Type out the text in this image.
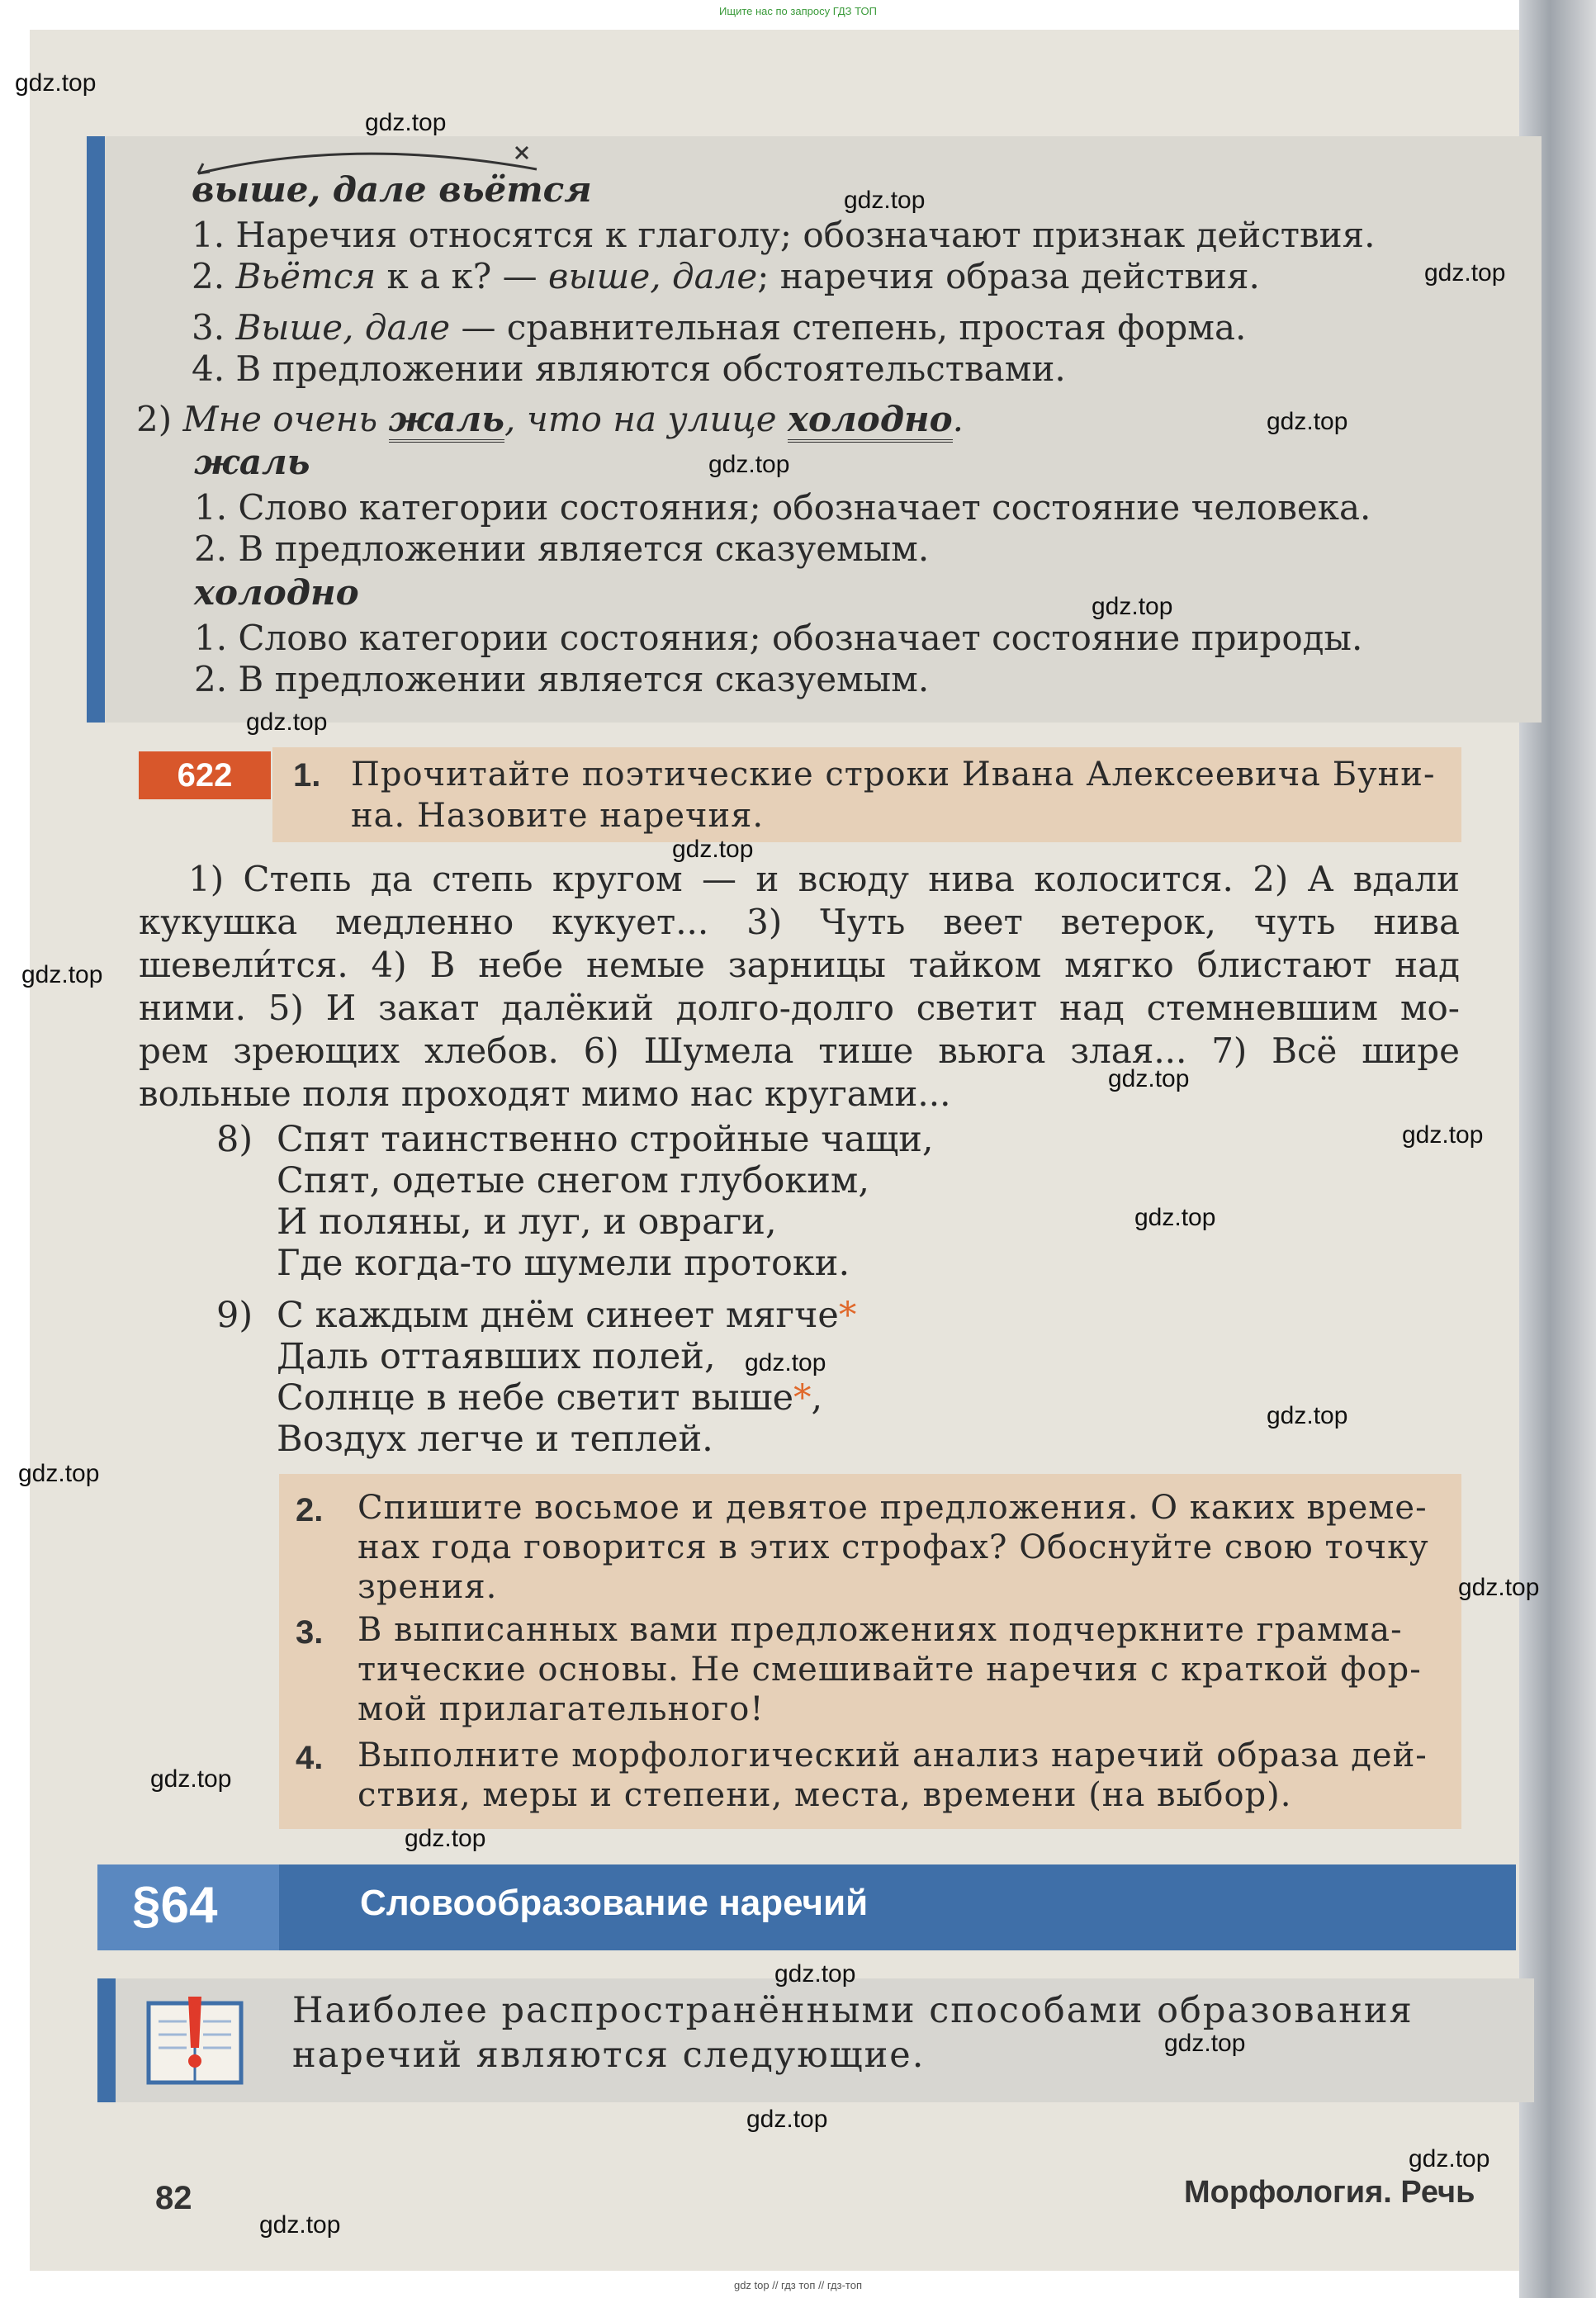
Ищите нас по запросу ГДЗ ТОП
выше, дале вьётся
1. Наречия относятся к глаголу; обозначают признак действия.
2. Вьётся к а к? — выше, дале; наречия образа действия.
3. Выше, дале — сравнительная степень, простая форма.
4. В предложении являются обстоятельствами.
2) Мне очень жаль, что на улице холодно.
жаль
1. Слово категории состояния; обозначает состояние человека.
2. В предложении является сказуемым.
холодно
1. Слово категории состояния; обозначает состояние природы.
2. В предложении является сказуемым.
622	1. Прочитайте поэтические строки Ивана Алексеевича Буни-
на. Назовите наречия.
1) Степь да степь кругом — и всюду нива колосится. 2) А вдали
кукушка медленно кукует... 3) Чуть веет ветерок, чуть нива
шевели́тся. 4) В небе немые зарницы тайком мягко блистают над
ними. 5) И закат далёкий долго-долго светит над стемневшим мо-
рем зреющих хлебов. 6) Шумела тише вьюга злая... 7) Всё шире
вольные поля проходят мимо нас кругами...
8) Спят таинственно стройные чащи,
Спят, одетые снегом глубоким,
И поляны, и луг, и овраги,
Где когда-то шумели протоки.
9) С каждым днём синеет мягче*
Даль оттаявших полей,
Солнце в небе светит выше*,
Воздух легче и теплей.
2. Спишите восьмое и девятое предложения. О каких време-
нах года говорится в этих строфах? Обоснуйте свою точку
зрения.
3. В выписанных вами предложениях подчеркните грамма-
тические основы. Не смешивайте наречия с краткой фор-
мой прилагательного!
4. Выполните морфологический анализ наречий образа дей-
ствия, меры и степени, места, времени (на выбор).
§64	Словообразование наречий
Наиболее распространёнными способами образования
наречий являются следующие.
82	Морфология. Речь
gdz.top
gdz.top
gdz.top
gdz.top
gdz.top
gdz.top
gdz.top
gdz.top
gdz.top
gdz.top
gdz.top
gdz.top
gdz.top
gdz.top
gdz.top
gdz.top
gdz.top
gdz.top
gdz.top
gdz.top
gdz.top
gdz.top
gdz.top
gdz.top
gdz top // гдз топ // гдз-топ
